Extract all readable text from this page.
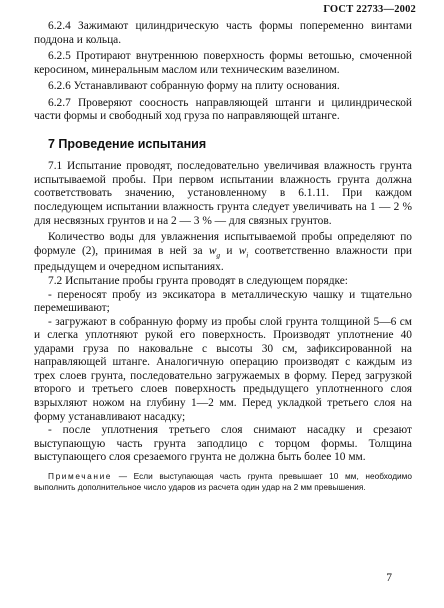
ГОСТ 22733—2002

6.2.4 Зажимают цилиндрическую часть формы попеременно винтами поддона и кольца.

6.2.5 Протирают внутреннюю поверхность формы ветошью, смоченной керосином, минеральным маслом или техническим вазелином.

6.2.6 Устанавливают собранную форму на плиту основания.

6.2.7 Проверяют соосность направляющей штанги и цилиндрической части формы и свободный ход груза по направляющей штанге.

7 Проведение испытания

7.1 Испытание проводят, последовательно увеличивая влажность грунта испытываемой пробы. При первом испытании влажность грунта должна соответствовать значению, установленному в 6.1.11. При каждом последующем испытании влажность грунта следует увеличивать на 1 — 2 % для несвязных грунтов и на 2 — 3 % — для связных грунтов.

Количество воды для увлажнения испытываемой пробы определяют по формуле (2), принимая в ней за $w_g$ и $w_i$ соответственно влажности при предыдущем и очередном испытаниях.

7.2 Испытание пробы грунта проводят в следующем порядке:

- переносят пробу из эксикатора в металлическую чашку и тщательно перемешивают;

- загружают в собранную форму из пробы слой грунта толщиной 5—6 см и слегка уплотняют рукой его поверхность. Производят уплотнение 40 ударами груза по наковальне с высоты 30 см, зафиксированной на направляющей штанге. Аналогичную операцию производят с каждым из трех слоев грунта, последовательно загружаемых в форму. Перед загрузкой второго и третьего слоев поверхность предыдущего уплотненного слоя взрыхляют ножом на глубину 1—2 мм. Перед укладкой третьего слоя на форму устанавливают насадку;

- после уплотнения третьего слоя снимают насадку и срезают выступающую часть грунта заподлицо с торцом формы. Толщина выступающего слоя срезаемого грунта не должна быть более 10 мм.

Примечание — Если выступающая часть грунта превышает 10 мм, необходимо выполнить дополнительное число ударов из расчета один удар на 2 мм превышения.

7
